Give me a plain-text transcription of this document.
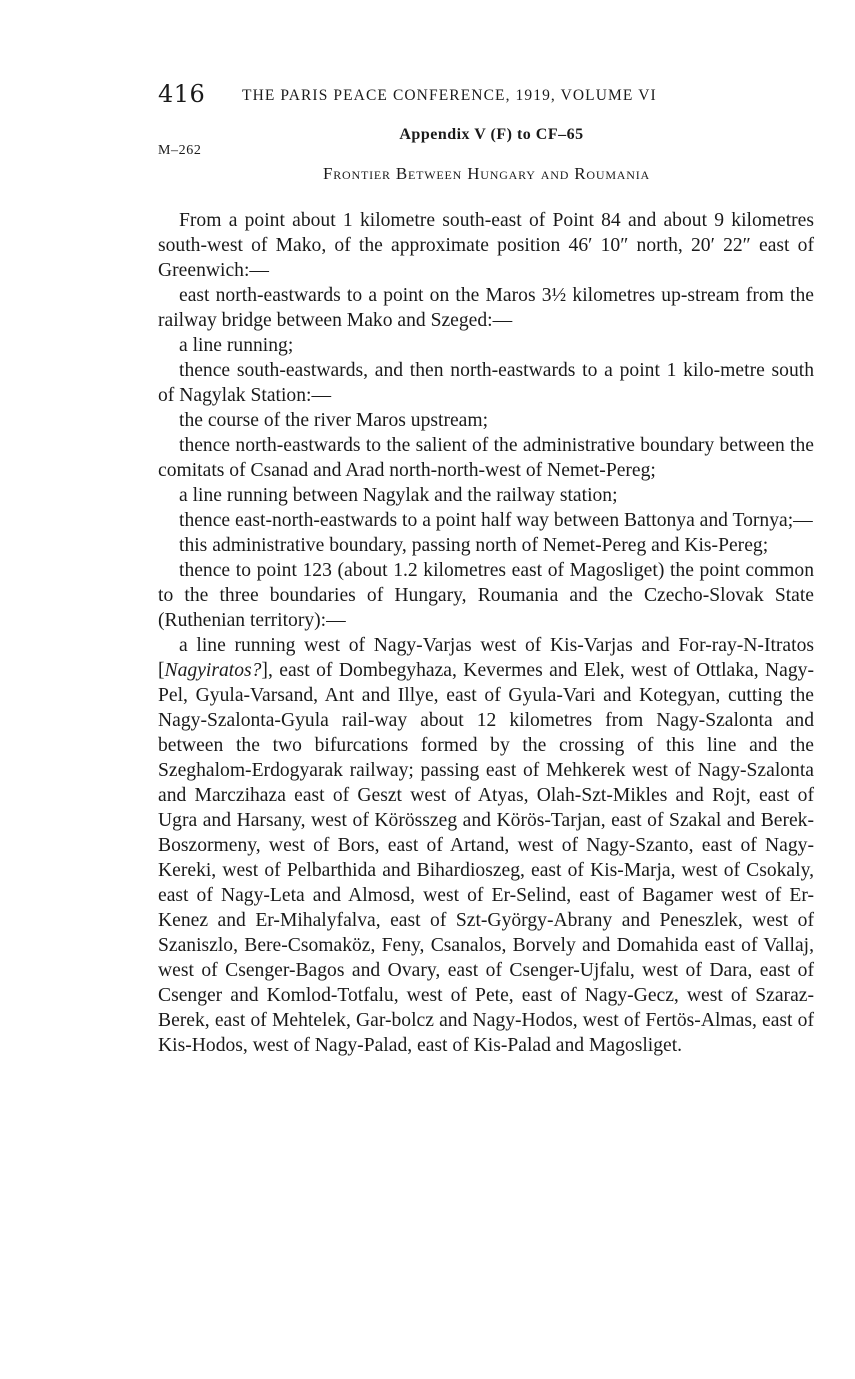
416 THE PARIS PEACE CONFERENCE, 1919, VOLUME VI
M–262
Appendix V (F) to CF–65
Frontier Between Hungary and Roumania

From a point about 1 kilometre south-east of Point 84 and about 9 kilometres south-west of Mako, of the approximate position 46′ 10″ north, 20′ 22″ east of Greenwich:—

east north-eastwards to a point on the Maros 3½ kilometres up-stream from the railway bridge between Mako and Szeged:—

a line running;

thence south-eastwards, and then north-eastwards to a point 1 kilo-metre south of Nagylak Station:—

the course of the river Maros upstream;

thence north-eastwards to the salient of the administrative boundary between the comitats of Csanad and Arad north-north-west of Nemet-Pereg;

a line running between Nagylak and the railway station;

thence east-north-eastwards to a point half way between Battonya and Tornya;—

this administrative boundary, passing north of Nemet-Pereg and Kis-Pereg;

thence to point 123 (about 1.2 kilometres east of Magosliget) the point common to the three boundaries of Hungary, Roumania and the Czecho-Slovak State (Ruthenian territory):—

a line running west of Nagy-Varjas west of Kis-Varjas and For-ray-N-Itratos [Nagyiratos?], east of Dombegyhaza, Kevermes and Elek, west of Ottlaka, Nagy-Pel, Gyula-Varsand, Ant and Illye, east of Gyula-Vari and Kotegyan, cutting the Nagy-Szalonta-Gyula rail-way about 12 kilometres from Nagy-Szalonta and between the two bifurcations formed by the crossing of this line and the Szeghalom-Erdogyarak railway; passing east of Mehkerek west of Nagy-Szalonta and Marczihaza east of Geszt west of Atyas, Olah-Szt-Mikles and Rojt, east of Ugra and Harsany, west of Körösszeg and Körös-Tarjan, east of Szakal and Berek-Boszormeny, west of Bors, east of Artand, west of Nagy-Szanto, east of Nagy-Kereki, west of Pelbarthida and Bihardioszeg, east of Kis-Marja, west of Csokaly, east of Nagy-Leta and Almosd, west of Er-Selind, east of Bagamer west of Er-Kenez and Er-Mihalyfalva, east of Szt-György-Abrany and Peneszlek, west of Szaniszlo, Bere-Csomaköz, Feny, Csanalos, Borvely and Domahida east of Vallaj, west of Csenger-Bagos and Ovary, east of Csenger-Ujfalu, west of Dara, east of Csenger and Komlod-Totfalu, west of Pete, east of Nagy-Gecz, west of Szaraz-Berek, east of Mehtelek, Gar-bolcz and Nagy-Hodos, west of Fertös-Almas, east of Kis-Hodos, west of Nagy-Palad, east of Kis-Palad and Magosliget.
